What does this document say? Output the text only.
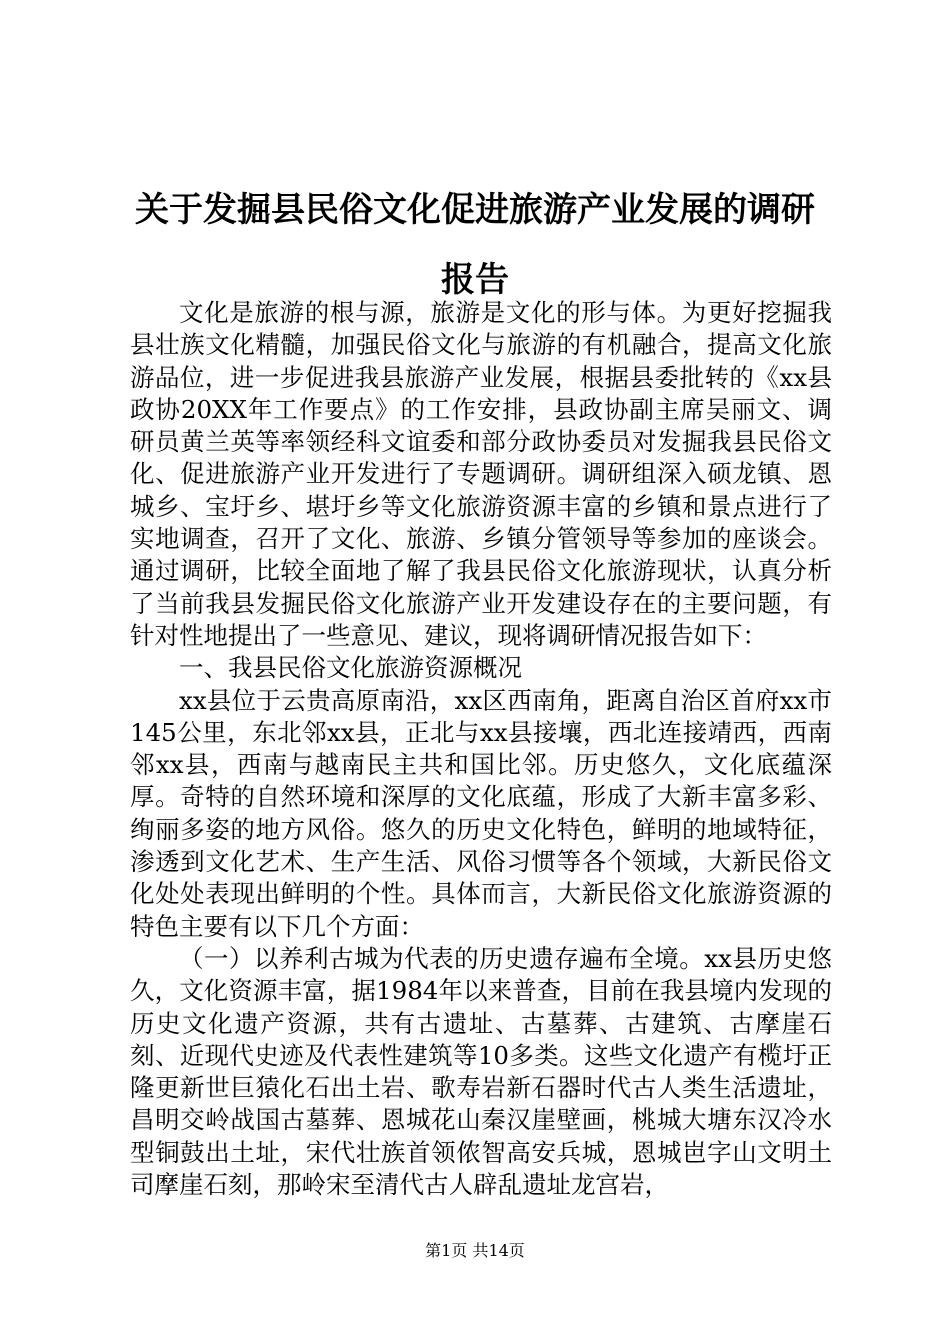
关于发掘县民俗文化促进旅游产业发展的调研报告

文化是旅游的根与源，旅游是文化的形与体。为更好挖掘我县壮族文化精髓，加强民俗文化与旅游的有机融合，提高文化旅游品位，进一步促进我县旅游产业发展，根据县委批转的《xx县政协20XX年工作要点》的工作安排，县政协副主席吴丽文、调研员黄兰英等率领经科文谊委和部分政协委员对发掘我县民俗文化、促进旅游产业开发进行了专题调研。调研组深入硕龙镇、恩城乡、宝圩乡、堪圩乡等文化旅游资源丰富的乡镇和景点进行了实地调查，召开了文化、旅游、乡镇分管领导等参加的座谈会。通过调研，比较全面地了解了我县民俗文化旅游现状，认真分析了当前我县发掘民俗文化旅游产业开发建设存在的主要问题，有针对性地提出了一些意见、建议，现将调研情况报告如下：

一、我县民俗文化旅游资源概况

xx县位于云贵高原南沿，xx区西南角，距离自治区首府xx市145公里，东北邻xx县，正北与xx县接壤，西北连接靖西，西南邻xx县，西南与越南民主共和国比邻。历史悠久，文化底蕴深厚。奇特的自然环境和深厚的文化底蕴，形成了大新丰富多彩、绚丽多姿的地方风俗。悠久的历史文化特色，鲜明的地域特征，渗透到文化艺术、生产生活、风俗习惯等各个领域，大新民俗文化处处表现出鲜明的个性。具体而言，大新民俗文化旅游资源的特色主要有以下几个方面：

（一）以养利古城为代表的历史遗存遍布全境。xx县历史悠久，文化资源丰富，据1984年以来普查，目前在我县境内发现的历史文化遗产资源，共有古遗址、古墓葬、古建筑、古摩崖石刻、近现代史迹及代表性建筑等10多类。这些文化遗产有榄圩正隆更新世巨猿化石出土岩、歌寿岩新石器时代古人类生活遗址，昌明交岭战国古墓葬、恩城花山秦汉崖壁画，桃城大塘东汉冷水型铜鼓出土址，宋代壮族首领侬智高安兵城，恩城岜字山文明土司摩崖石刻，那岭宋至清代古人辟乱遗址龙宫岩，

第1页 共14页
